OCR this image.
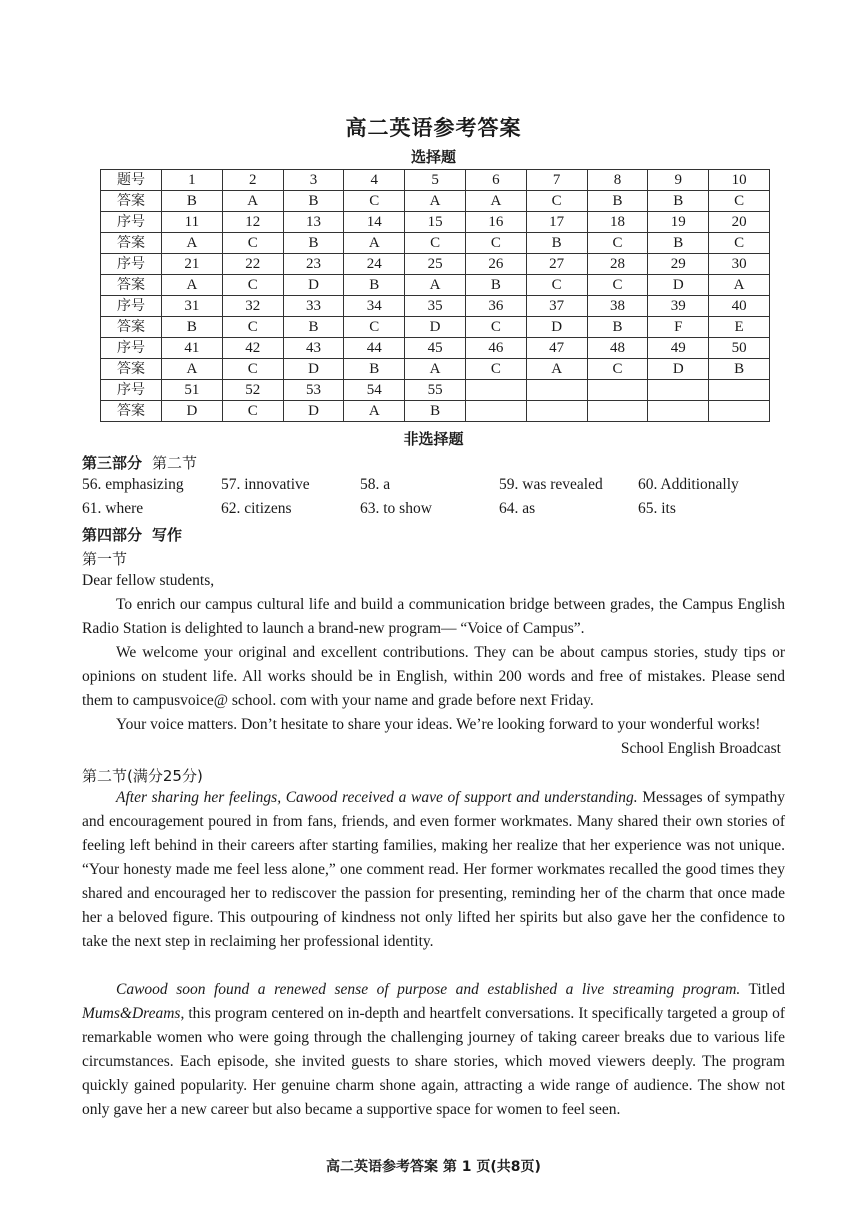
高二英语参考答案
选择题
题号	1	2	3	4	5	6	7	8	9	10
答案	B	A	B	C	A	A	C	B	B	C
序号	11	12	13	14	15	16	17	18	19	20
答案	A	C	B	A	C	C	B	C	B	C
序号	21	22	23	24	25	26	27	28	29	30
答案	A	C	D	B	A	B	C	C	D	A
序号	31	32	33	34	35	36	37	38	39	40
答案	B	C	B	C	D	C	D	B	F	E
序号	41	42	43	44	45	46	47	48	49	50
答案	A	C	D	B	A	C	A	C	D	B
序号	51	52	53	54	55					
答案	D	C	D	A	B					
非选择题
第三部分 第二节
56. emphasizing 57. innovative	58. a	59. was revealed 60. Additionally
61. where	62. citizens	63. to show	64. as	65. its
第四部分 写作
第一节

Dear fellow students,

To enrich our campus cultural life and build a communication bridge between grades, the Campus English Radio Station is delighted to launch a brand-new program— “Voice of Campus”.

We welcome your original and excellent contributions. They can be about campus stories, study tips or opinions on student life. All works should be in English, within 200 words and free of mistakes. Please send them to campusvoice@ school. com with your name and grade before next Friday.

Your voice matters. Don’t hesitate to share your ideas. We’re looking forward to your wonderful works!

School English Broadcast
第二节(满分25分)

After sharing her feelings, Cawood received a wave of support and understanding. Messages of sympathy and encouragement poured in from fans, friends, and even former workmates. Many shared their own stories of feeling left behind in their careers after starting families, making her realize that her experience was not unique. “Your honesty made me feel less alone,” one comment read. Her former workmates recalled the good times they shared and encouraged her to rediscover the passion for presenting, reminding her of the charm that once made her a beloved figure. This outpouring of kindness not only lifted her spirits but also gave her the confidence to take the next step in reclaiming her professional identity.

Cawood soon found a renewed sense of purpose and established a live streaming program. Titled Mums&Dreams, this program centered on in-depth and heartfelt conversations. It specifically targeted a group of remarkable women who were going through the challenging journey of taking career breaks due to various life circumstances. Each episode, she invited guests to share stories, which moved viewers deeply. The program quickly gained popularity. Her genuine charm shone again, attracting a wide range of audience. The show not only gave her a new career but also became a supportive space for women to feel seen.

高二英语参考答案 第 1 页(共8页)
